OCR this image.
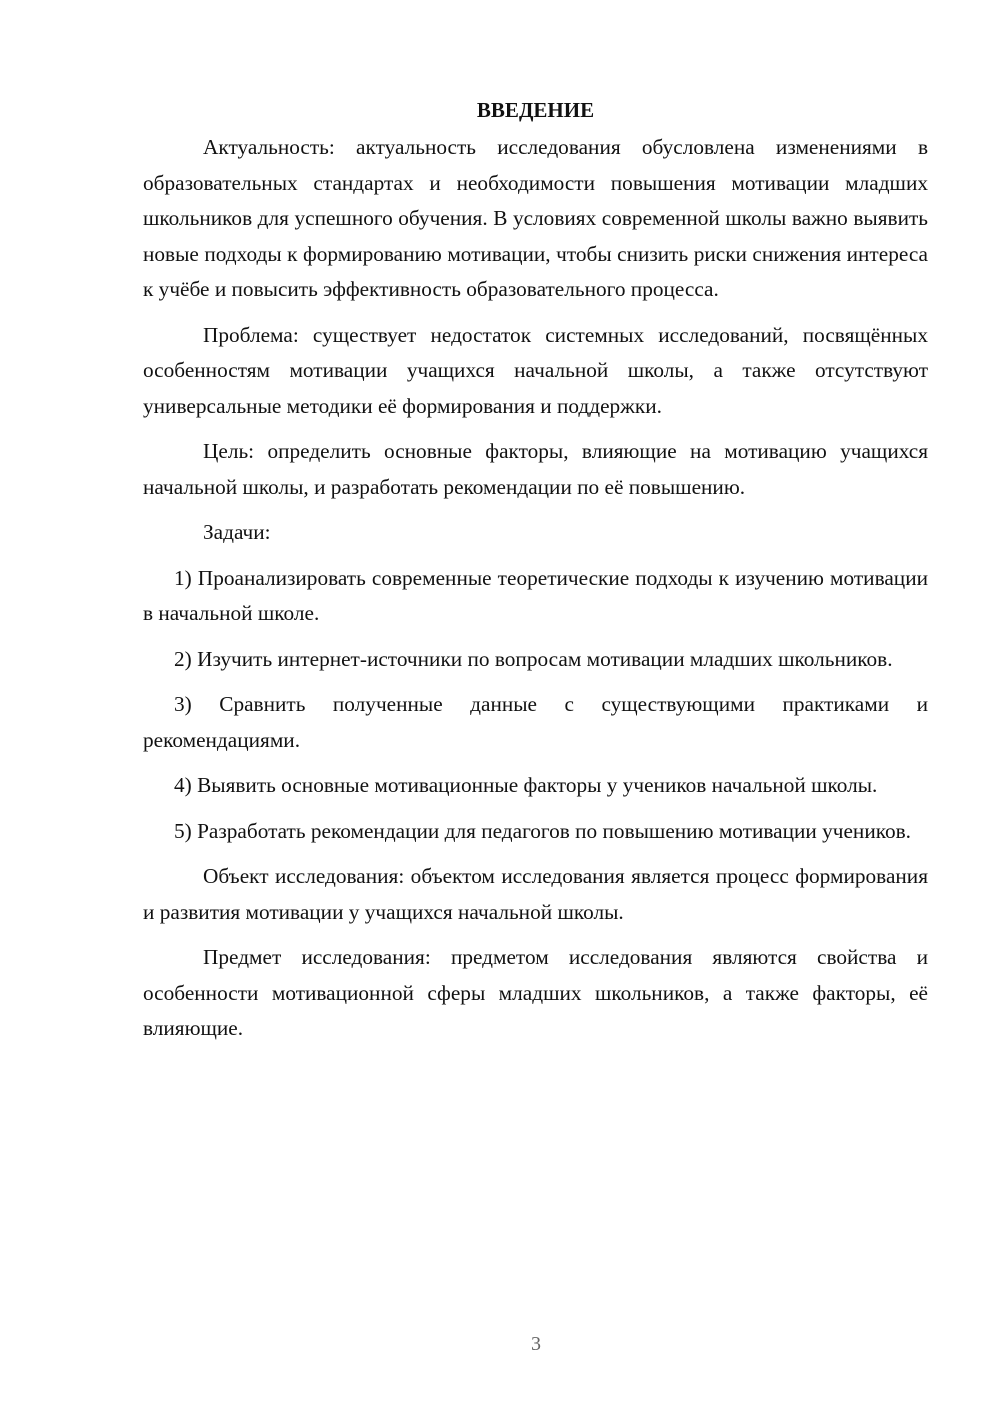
ВВЕДЕНИЕ

Актуальность: актуальность исследования обусловлена изменениями в образовательных стандартах и необходимости повышения мотивации младших школьников для успешного обучения. В условиях современной школы важно выявить новые подходы к формированию мотивации, чтобы снизить риски снижения интереса к учёбе и повысить эффективность образовательного процесса.

Проблема: существует недостаток системных исследований, посвящённых особенностям мотивации учащихся начальной школы, а также отсутствуют универсальные методики её формирования и поддержки.

Цель: определить основные факторы, влияющие на мотивацию учащихся начальной школы, и разработать рекомендации по её повышению.

Задачи:

1) Проанализировать современные теоретические подходы к изучению мотивации в начальной школе.

2) Изучить интернет-источники по вопросам мотивации младших школьников.

3) Сравнить полученные данные с существующими практиками и рекомендациями.

4) Выявить основные мотивационные факторы у учеников начальной школы.

5) Разработать рекомендации для педагогов по повышению мотивации учеников.

Объект исследования: объектом исследования является процесс формирования и развития мотивации у учащихся начальной школы.

Предмет исследования: предметом исследования являются свойства и особенности мотивационной сферы младших школьников, а также факторы, её влияющие.

3
